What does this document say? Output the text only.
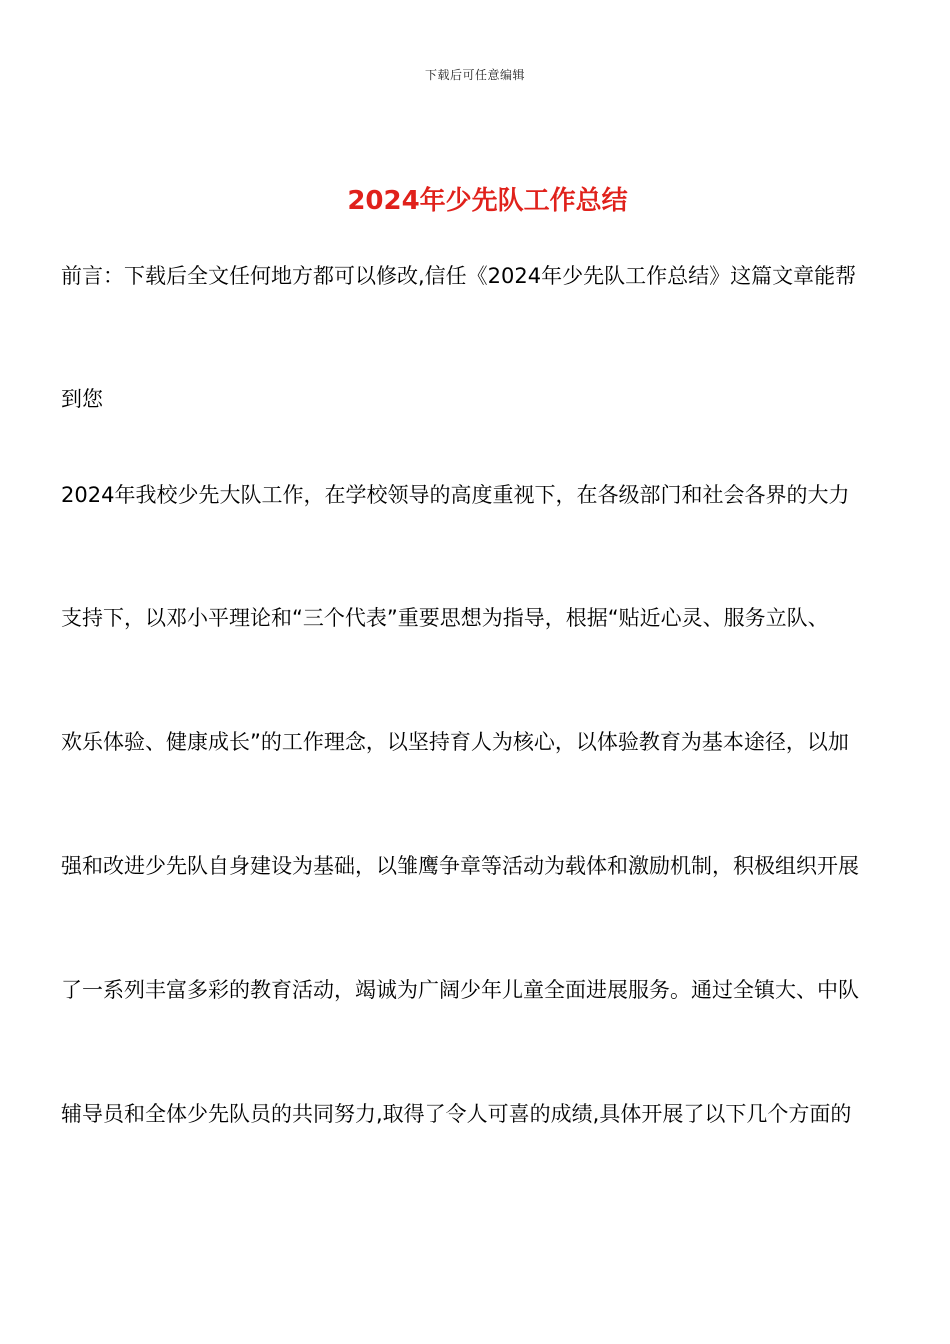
下载后可任意编辑
2024年少先队工作总结
前言：下载后全文任何地方都可以修改,信任《2024年少先队工作总结》这篇文章能帮
到您
2024年我校少先大队工作，在学校领导的高度重视下，在各级部门和社会各界的大力
支持下，以邓小平理论和“三个代表”重要思想为指导，根据“贴近心灵、服务立队、
欢乐体验、健康成长”的工作理念，以坚持育人为核心，以体验教育为基本途径，以加
强和改进少先队自身建设为基础，以雏鹰争章等活动为载体和激励机制，积极组织开展
了一系列丰富多彩的教育活动，竭诚为广阔少年儿童全面进展服务。通过全镇大、中队
辅导员和全体少先队员的共同努力,取得了令人可喜的成绩,具体开展了以下几个方面的
